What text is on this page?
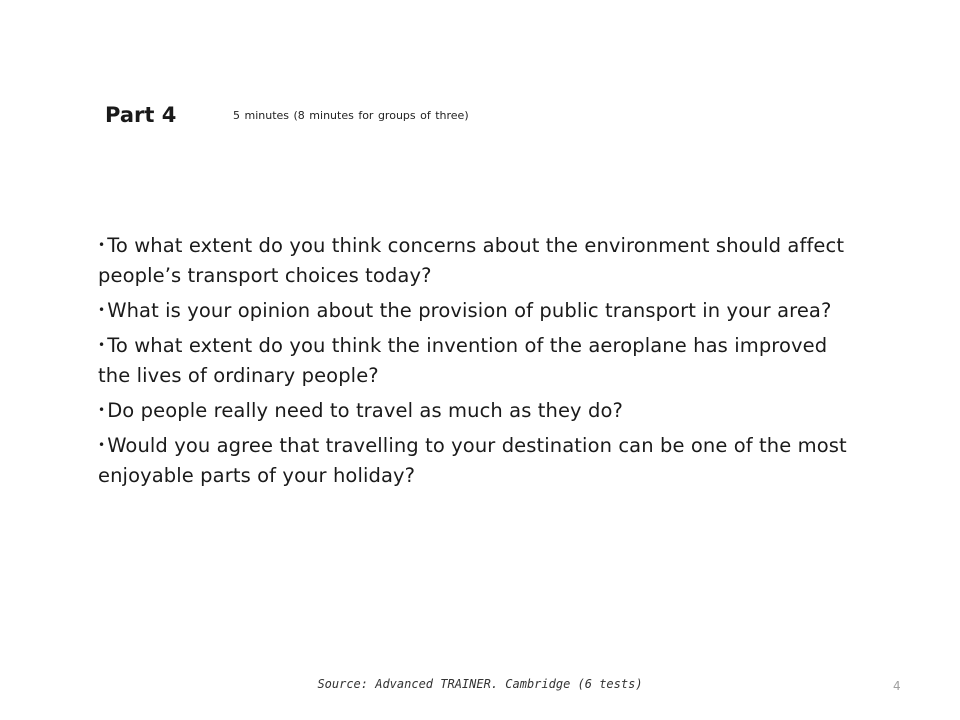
Part 4	5 minutes (8 minutes for groups of three)
• To what extent do you think concerns about the environment should affect people’s transport choices today?
• What is your opinion about the provision of public transport in your area?
• To what extent do you think the invention of the aeroplane has improved the lives of ordinary people?
• Do people really need to travel as much as they do?
• Would you agree that travelling to your destination can be one of the most enjoyable parts of your holiday?
Source: Advanced TRAINER. Cambridge (6 tests)	4
